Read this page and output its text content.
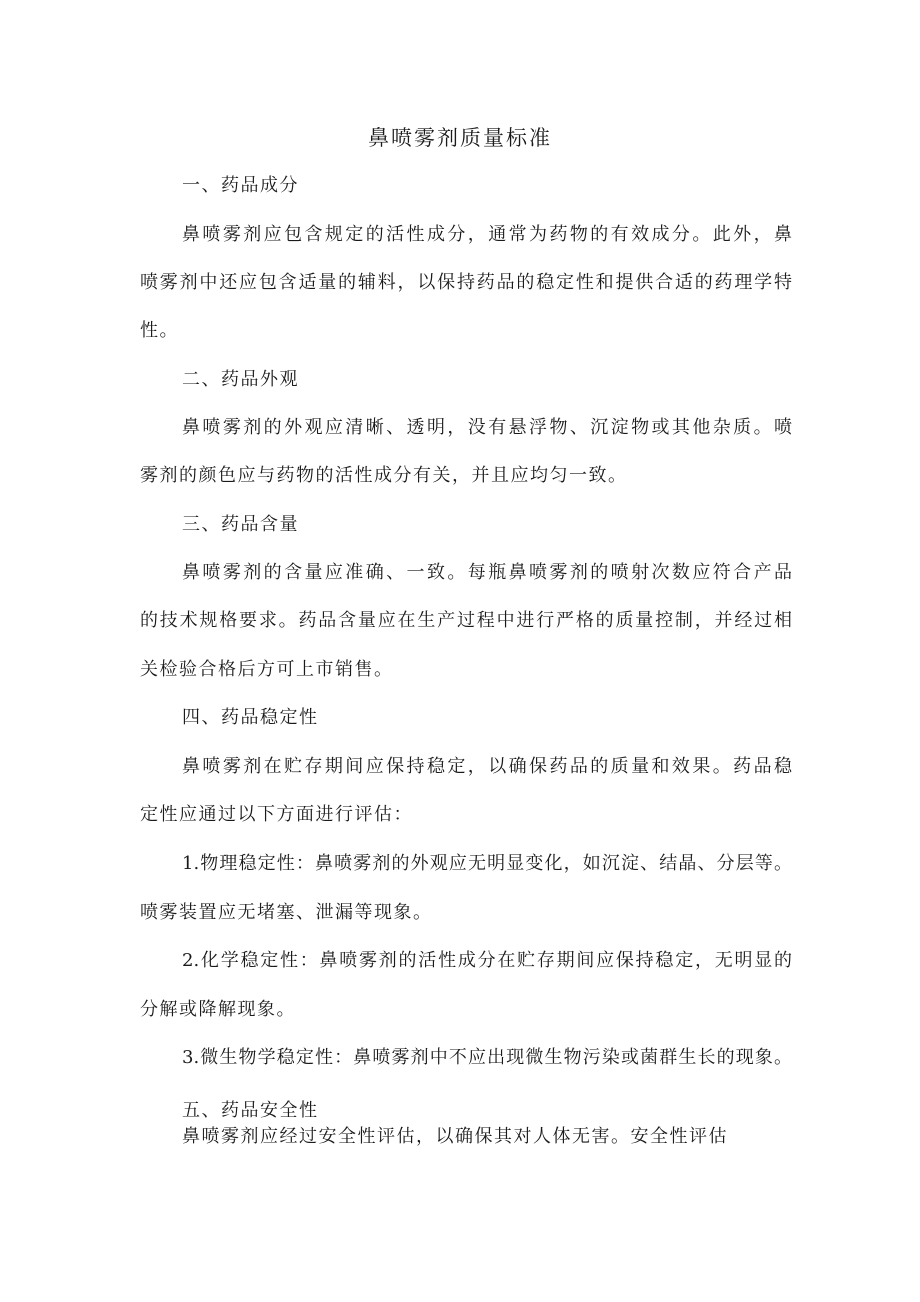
鼻喷雾剂质量标准
一、药品成分
鼻喷雾剂应包含规定的活性成分，通常为药物的有效成分。此外，鼻
喷雾剂中还应包含适量的辅料，以保持药品的稳定性和提供合适的药理学特
性。
二、药品外观
鼻喷雾剂的外观应清晰、透明，没有悬浮物、沉淀物或其他杂质。喷
雾剂的颜色应与药物的活性成分有关，并且应均匀一致。
三、药品含量
鼻喷雾剂的含量应准确、一致。每瓶鼻喷雾剂的喷射次数应符合产品
的技术规格要求。药品含量应在生产过程中进行严格的质量控制，并经过相
关检验合格后方可上市销售。
四、药品稳定性
鼻喷雾剂在贮存期间应保持稳定，以确保药品的质量和效果。药品稳
定性应通过以下方面进行评估：
1.物理稳定性：鼻喷雾剂的外观应无明显变化，如沉淀、结晶、分层等。
喷雾装置应无堵塞、泄漏等现象。
2.化学稳定性：鼻喷雾剂的活性成分在贮存期间应保持稳定，无明显的
分解或降解现象。
3.微生物学稳定性：鼻喷雾剂中不应出现微生物污染或菌群生长的现象。
五、药品安全性
鼻喷雾剂应经过安全性评估，以确保其对人体无害。安全性评估
